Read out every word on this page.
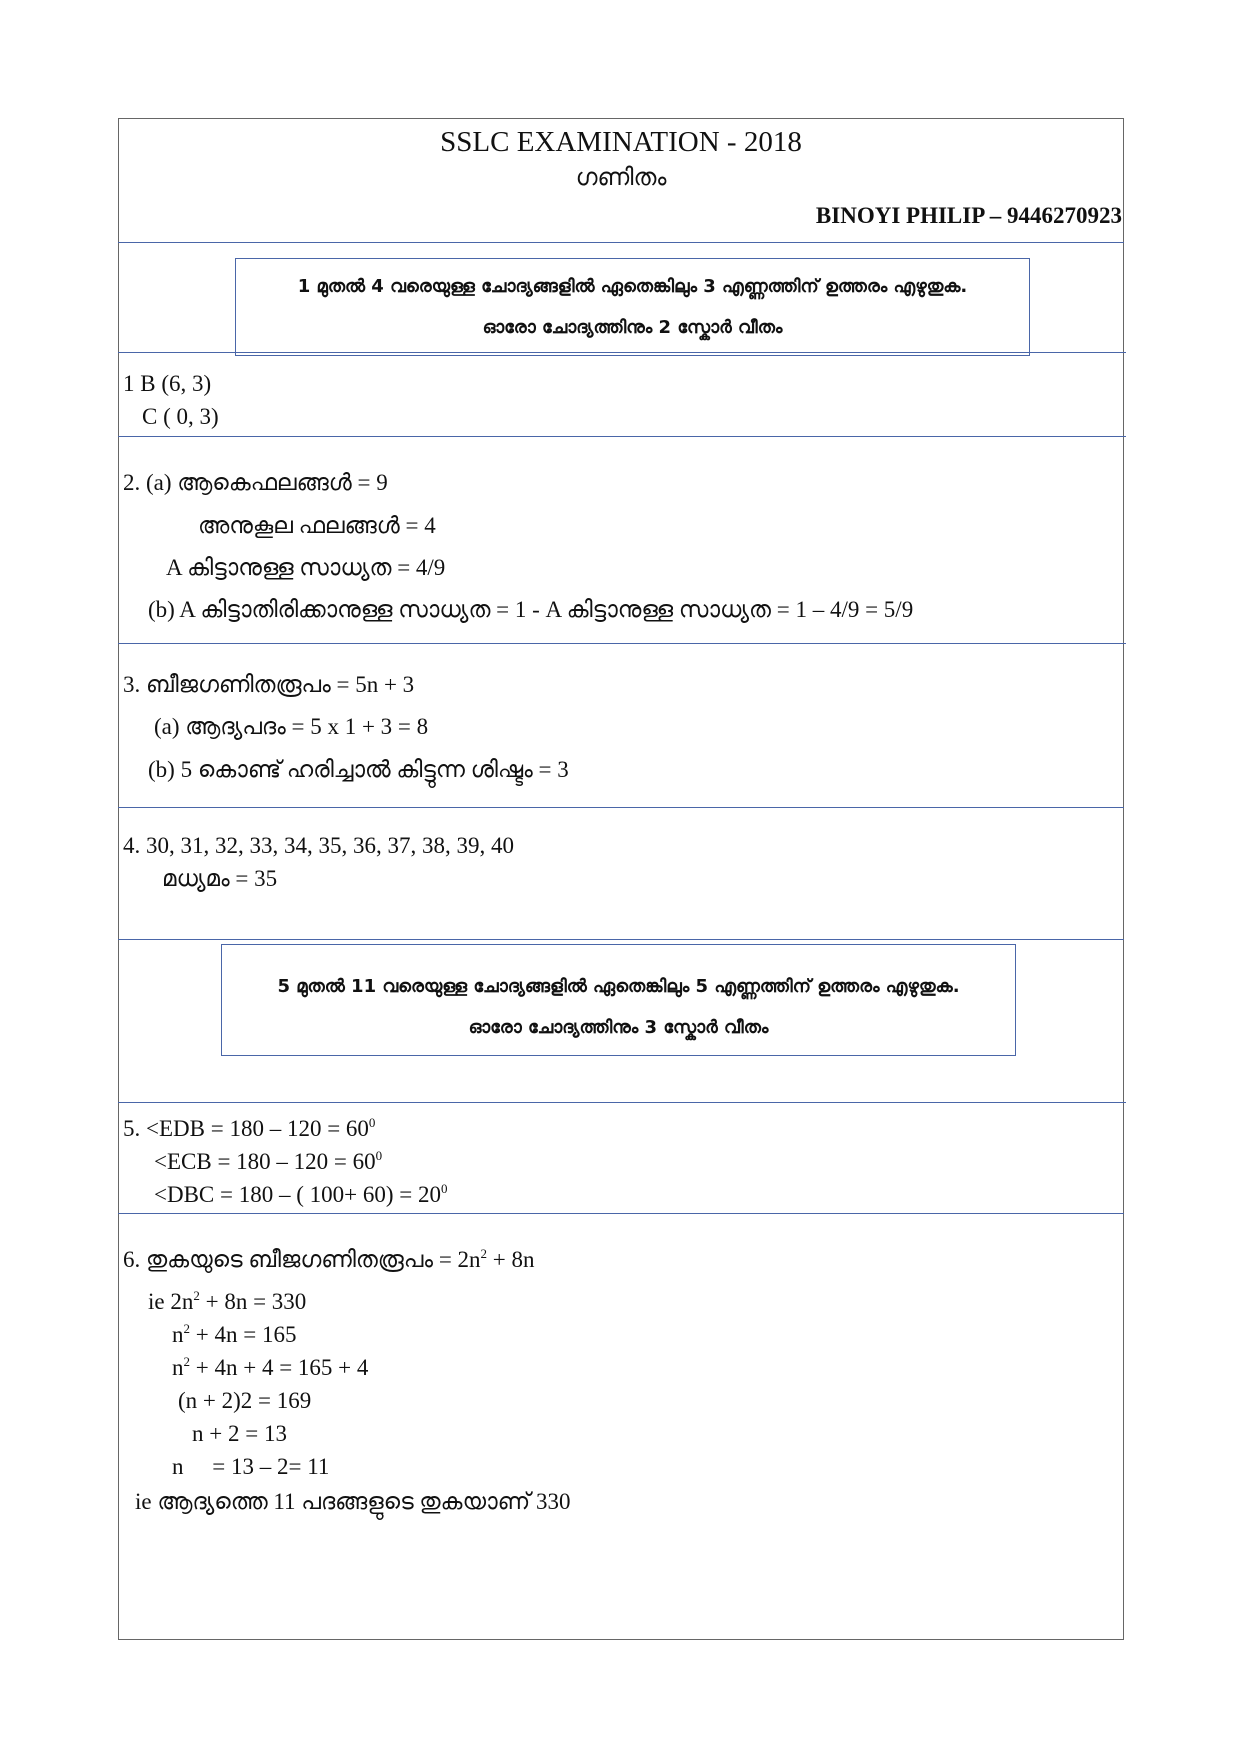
SSLC EXAMINATION - 2018
ഗണിതം
BINOYI PHILIP – 9446270923
1 മുതൽ 4 വരെയുള്ള ചോദ്യങ്ങളിൽ ഏതെങ്കിലും 3 എണ്ണത്തിന് ഉത്തരം എഴുതുക.
ഓരോ ചോദ്യത്തിനും 2 സ്കോർ വീതം
1 B (6, 3)
C ( 0, 3)
2. (a) ആകെഫലങ്ങൾ = 9
അനുകൂല ഫലങ്ങൾ = 4
A കിട്ടാനുള്ള സാധ്യത = 4/9
(b) A കിട്ടാതിരിക്കാനുള്ള സാധ്യത = 1 - A കിട്ടാനുള്ള സാധ്യത = 1 – 4/9 = 5/9
3. ബീജഗണിതരൂപം = 5n + 3
(a) ആദ്യപദം = 5 x 1 + 3 = 8
(b) 5 കൊണ്ട് ഹരിച്ചാൽ കിട്ടുന്ന ശിഷ്ടം = 3
4. 30, 31, 32, 33, 34, 35, 36, 37, 38, 39, 40
മധ്യമം = 35
5 മുതൽ 11 വരെയുള്ള ചോദ്യങ്ങളിൽ ഏതെങ്കിലും 5 എണ്ണത്തിന് ഉത്തരം എഴുതുക.
ഓരോ ചോദ്യത്തിനും 3 സ്കോർ വീതം
5. $<EDB = 180 - 120 = 60^0$
$<ECB = 180 - 120 = 60^0$
<DBC = 180 – ( $100+ 60) = 20^0$
6. തുകയുടെ ബീജഗണിതരൂപം = $2n^2 + 8n$
ie $2n^2 + 8n = 330$
$n^2 + 4n = 165$
$n^2 + 4n + 4 = 165 + 4$
(n + 2)2 = 169
n + 2 = 13
n     = 13 – 2= 11
ie ആദ്യത്തെ 11 പദങ്ങളുടെ തുകയാണ് 330
